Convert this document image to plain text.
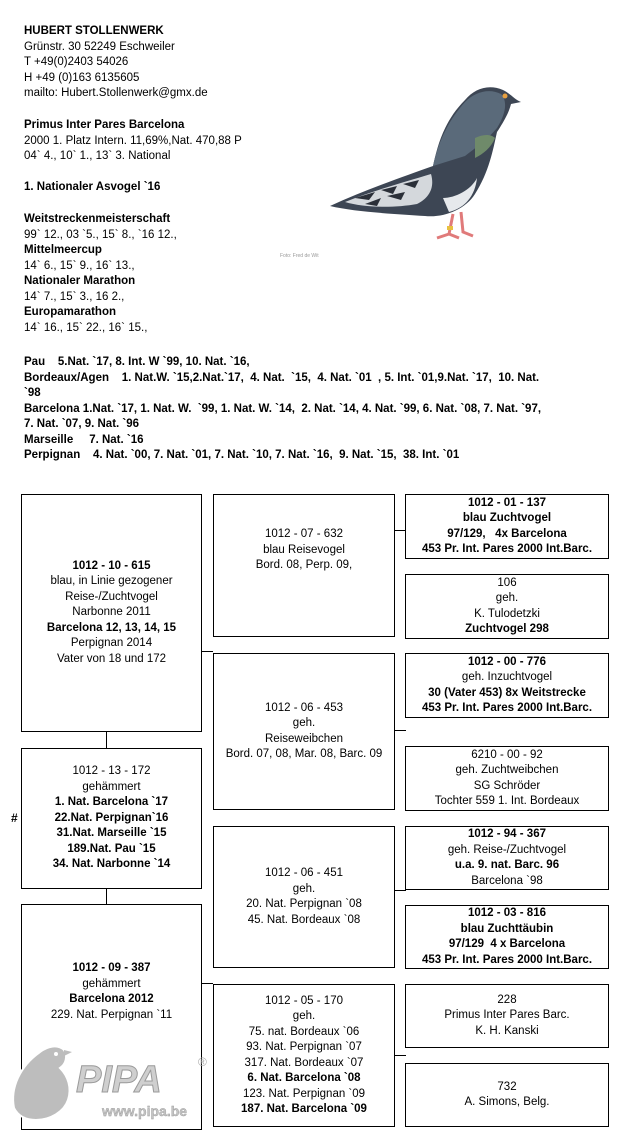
HUBERT STOLLENWERK
Grünstr. 30 52249 Eschweiler
T +49(0)2403 54026
H +49 (0)163 6135605
mailto: Hubert.Stollenwerk@gmx.de
Primus Inter Pares Barcelona
2000 1. Platz Intern. 11,69%,Nat. 470,88 P
04` 4., 10` 1., 13` 3. National
1. Nationaler Asvogel `16
Weitstreckenmeisterschaft
99` 12., 03 `5., 15` 8., `16 12.,
Mittelmeercup
14` 6., 15` 9., 16` 13.,
Nationaler Marathon
14` 7., 15` 3., 16 2.,
Europamarathon
14` 16., 15` 22., 16` 15.,
Foto: Fred de Wit
Pau    5.Nat. `17, 8. Int. W `99, 10. Nat. `16,
Bordeaux/Agen    1. Nat.W. `15,2.Nat.`17,  4. Nat.  `15,  4. Nat. `01  , 5. Int. `01,9.Nat. `17,  10. Nat.
`98
Barcelona 1.Nat. `17, 1. Nat. W.  `99, 1. Nat. W. `14,  2. Nat. `14, 4. Nat. `99, 6. Nat. `08, 7. Nat. `97,
7. Nat. `07, 9. Nat. `96
Marseille     7. Nat. `16
Perpignan    4. Nat. `00, 7. Nat. `01, 7. Nat. `10, 7. Nat. `16,  9. Nat. `15,  38. Int. `01
#
1012 - 10 - 615
blau, in Linie gezogener
Reise-/Zuchtvogel
Narbonne 2011
Barcelona 12, 13, 14, 15
Perpignan 2014
Vater von 18 und 172
1012 - 13 - 172
gehämmert
1. Nat. Barcelona `17
22.Nat. Perpignan`16
31.Nat. Marseille `15
189.Nat. Pau `15
34. Nat. Narbonne `14
1012 - 09 - 387
gehämmert
Barcelona 2012
229. Nat. Perpignan `11
1012 - 07 - 632
blau Reisevogel
Bord. 08, Perp. 09,
1012 - 06 - 453
geh.
Reiseweibchen
Bord. 07, 08, Mar. 08, Barc. 09
1012 - 06 - 451
geh.
20. Nat. Perpignan `08
45. Nat. Bordeaux `08
1012 - 05 - 170
geh.
75. nat. Bordeaux `06
93. Nat. Perpignan `07
317. Nat. Bordeaux `07
6. Nat. Barcelona `08
123. Nat. Perpignan `09
187. Nat. Barcelona `09
1012 - 01 - 137
blau Zuchtvogel
97/129,   4x Barcelona
453 Pr. Int. Pares 2000 Int.Barc.
106
geh.
K. Tulodetzki
Zuchtvogel 298
1012 - 00 - 776
geh. Inzuchtvogel
30 (Vater 453) 8x Weitstrecke
453 Pr. Int. Pares 2000 Int.Barc.
6210 - 00 - 92
geh. Zuchtweibchen
SG Schröder
Tochter 559 1. Int. Bordeaux
1012 - 94 - 367
geh. Reise-/Zuchtvogel
u.a. 9. nat. Barc. 96
Barcelona `98
1012 - 03 - 816
blau Zuchttäubin
97/129  4 x Barcelona
453 Pr. Int. Pares 2000 Int.Barc.
228
Primus Inter Pares Barc.
K. H. Kanski
732
A. Simons, Belg.
PIPA	®
www.pipa.be
